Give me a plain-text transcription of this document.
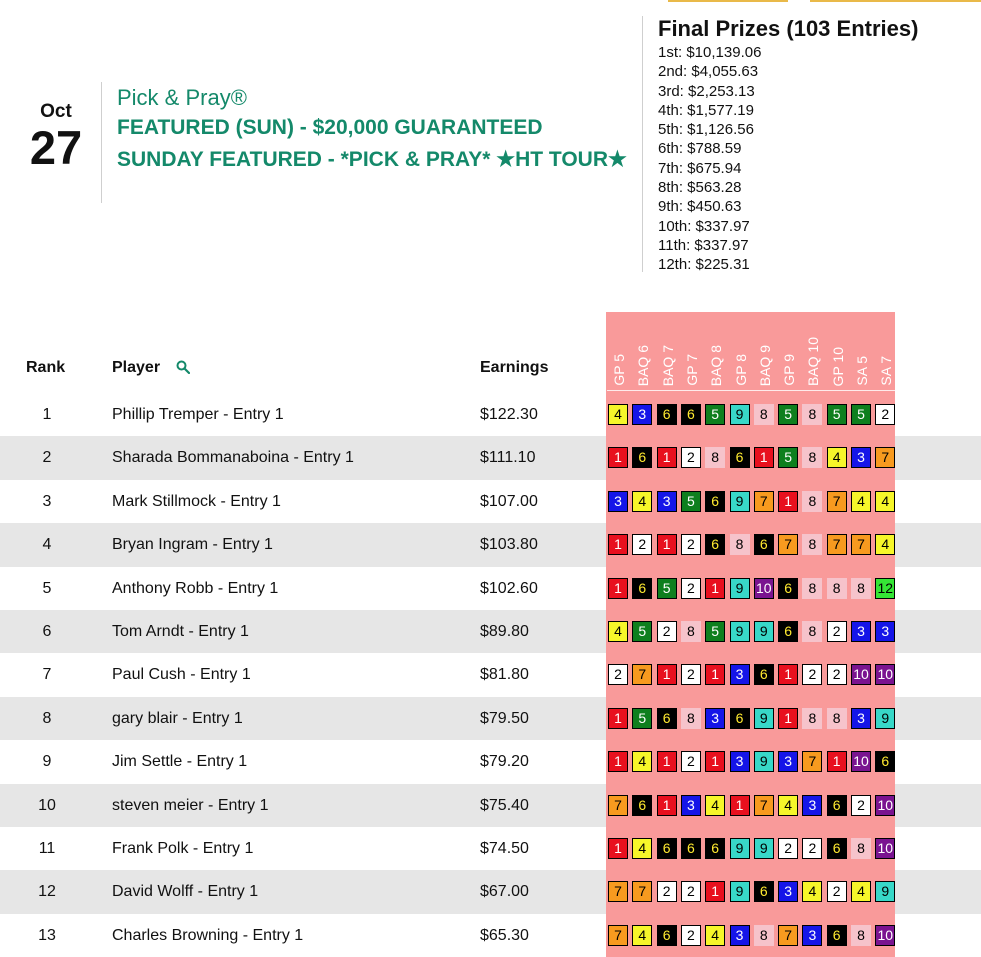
Oct
27
Pick & Pray®
FEATURED (SUN) - $20,000 GUARANTEED SUNDAY FEATURED - *PICK & PRAY* ★HT TOUR★
Final Prizes (103 Entries)
1st: $10,139.06
2nd: $4,055.63
3rd: $2,253.13
4th: $1,577.19
5th: $1,126.56
6th: $788.59
7th: $675.94
8th: $563.28
9th: $450.63
10th: $337.97
11th: $337.97
12th: $225.31
Rank	Player	Earnings	GP 5 BAQ 6 BAQ 7 GP 7 BAQ 8 GP 8 BAQ 9 GP 9 BAQ 10 GP 10 SA 5 SA 7
1	Phillip Tremper - Entry 1	$122.30	4	3	6	6	5	9	8	5	8	5	5	2
2	Sharada Bommanaboina - Entry 1	$111.10	1	6	1	2	8	6	1	5	8	4	3	7
3	Mark Stillmock - Entry 1	$107.00	3	4	3	5	6	9	7	1	8	7	4	4
4	Bryan Ingram - Entry 1	$103.80	1	2	1	2	6	8	6	7	8	7	7	4
5	Anthony Robb - Entry 1	$102.60	1	6	5	2	1	9 10 6	8	8	8 12
6	Tom Arndt - Entry 1	$89.80	4	5	2	8	5	9	9	6	8	2	3	3
7	Paul Cush - Entry 1	$81.80	2	7	1	2	1	3	6	1	2	2 10 10
8	gary blair - Entry 1	$79.50	1	5	6	8	3	6	9	1	8	8	3	9
9	Jim Settle - Entry 1	$79.20	1	4	1	2	1	3	9	3	7	1 10 6
10	steven meier - Entry 1	$75.40	7	6	1	3	4	1	7	4	3	6	2 10
11	Frank Polk - Entry 1	$74.50	1	4	6	6	6	9	9	2	2	6	8 10
12	David Wolff - Entry 1	$67.00	7	7	2	2	1	9	6	3	4	2	4	9
13	Charles Browning - Entry 1	$65.30	7	4	6	2	4	3	8	7	3	6	8 10
